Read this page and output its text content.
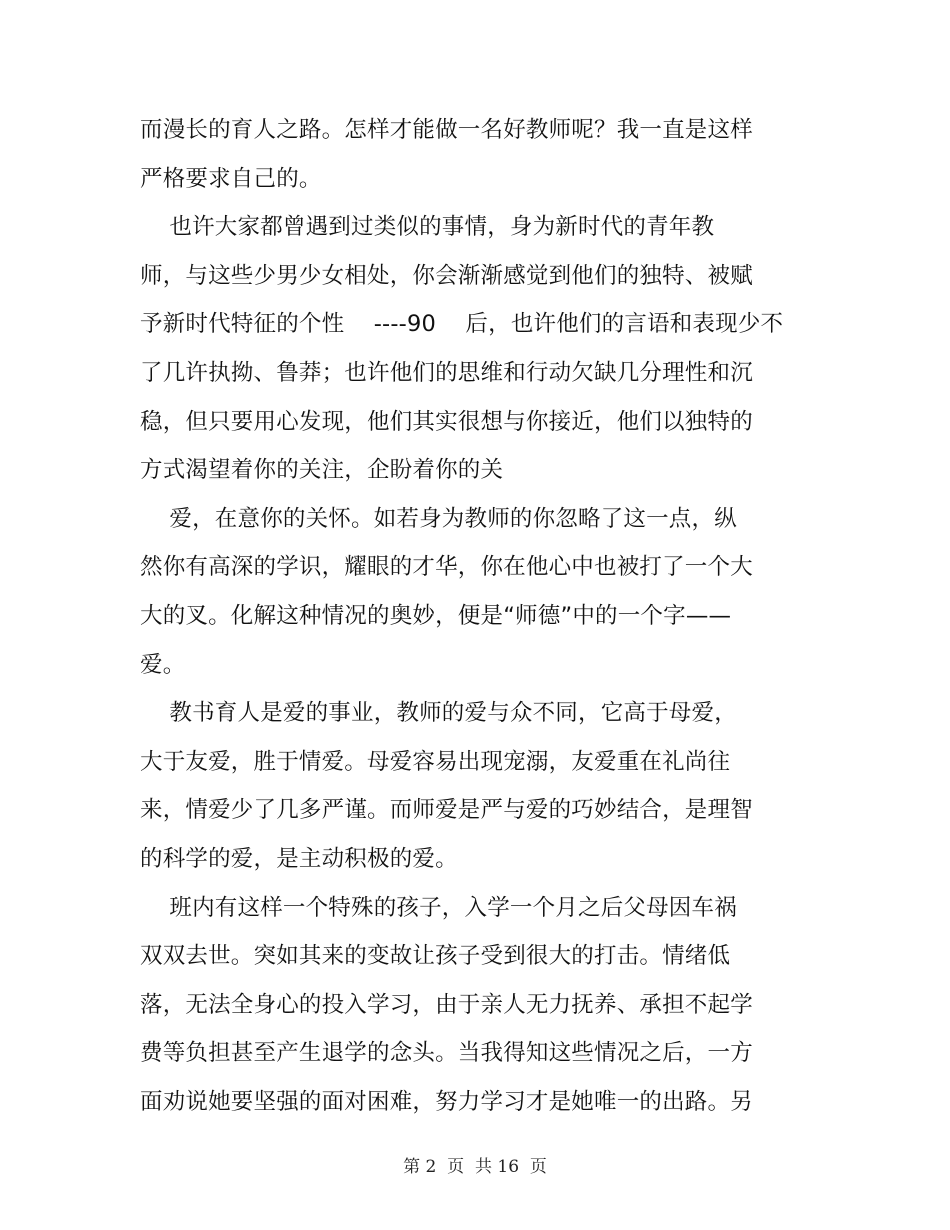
而漫长的育人之路。怎样才能做一名好教师呢？我一直是这样
严格要求自己的。
也许大家都曾遇到过类似的事情，身为新时代的青年教
师，与这些少男少女相处，你会渐渐感觉到他们的独特、被赋
予新时代特征的个性    ----90    后，也许他们的言语和表现少不
了几许执拗、鲁莽；也许他们的思维和行动欠缺几分理性和沉
稳，但只要用心发现，他们其实很想与你接近，他们以独特的
方式渴望着你的关注，企盼着你的关
爱，在意你的关怀。如若身为教师的你忽略了这一点，纵
然你有高深的学识，耀眼的才华，你在他心中也被打了一个大
大的叉。化解这种情况的奥妙，便是“师德”中的一个字——
爱。
教书育人是爱的事业，教师的爱与众不同，它高于母爱，
大于友爱，胜于情爱。母爱容易出现宠溺，友爱重在礼尚往
来，情爱少了几多严谨。而师爱是严与爱的巧妙结合，是理智
的科学的爱，是主动积极的爱。
班内有这样一个特殊的孩子，入学一个月之后父母因车祸
双双去世。突如其来的变故让孩子受到很大的打击。情绪低
落，无法全身心的投入学习，由于亲人无力抚养、承担不起学
费等负担甚至产生退学的念头。当我得知这些情况之后，一方
面劝说她要坚强的面对困难，努力学习才是她唯一的出路。另
第 2  页  共 16  页
